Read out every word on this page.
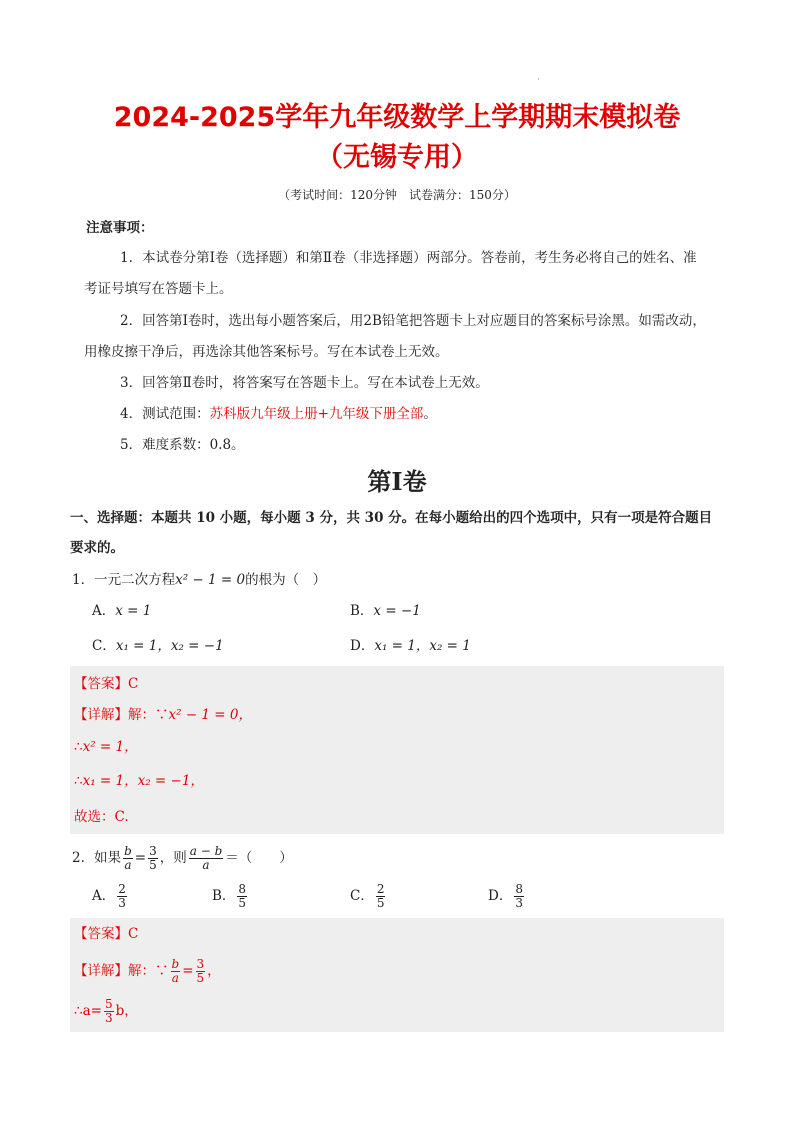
'
2024-2025学年九年级数学上学期期末模拟卷
（无锡专用）
（考试时间：120分钟　试卷满分：150分）
注意事项：
1．本试卷分第Ⅰ卷（选择题）和第Ⅱ卷（非选择题）两部分。答卷前，考生务必将自己的姓名、准
考证号填写在答题卡上。
2．回答第Ⅰ卷时，选出每小题答案后，用2B铅笔把答题卡上对应题目的答案标号涂黑。如需改动，
用橡皮擦干净后，再选涂其他答案标号。写在本试卷上无效。
3．回答第Ⅱ卷时，将答案写在答题卡上。写在本试卷上无效。
4．测试范围：苏科版九年级上册+九年级下册全部。
5．难度系数：0.8。
第Ⅰ卷
一、选择题：本题共 10 小题，每小题 3 分，共 30 分。在每小题给出的四个选项中，只有一项是符合题目
要求的。
1．一元二次方程x² − 1 = 0的根为（　）
A．x = 1	B．x = −1
C．x₁ = 1，x₂ = −1	D．x₁ = 1，x₂ = 1
【答案】C
【详解】解：∵x² − 1 = 0，
∴x² = 1，
∴x₁ = 1，x₂ = −1，
故选：C.
2．如果 $\frac{b}{a} = \frac{3}{5}$ ，则 $\frac{a - b}{a}$ ＝（　　）
A． $\frac{2}{3}$	B． $\frac{8}{5}$	C． $\frac{2}{5}$	D． $\frac{8}{3}$
【答案】C
【详解】解：∵ $\frac{b}{a} = \frac{3}{5}$ ，
∴a= $\frac{5}{3}$ b，
